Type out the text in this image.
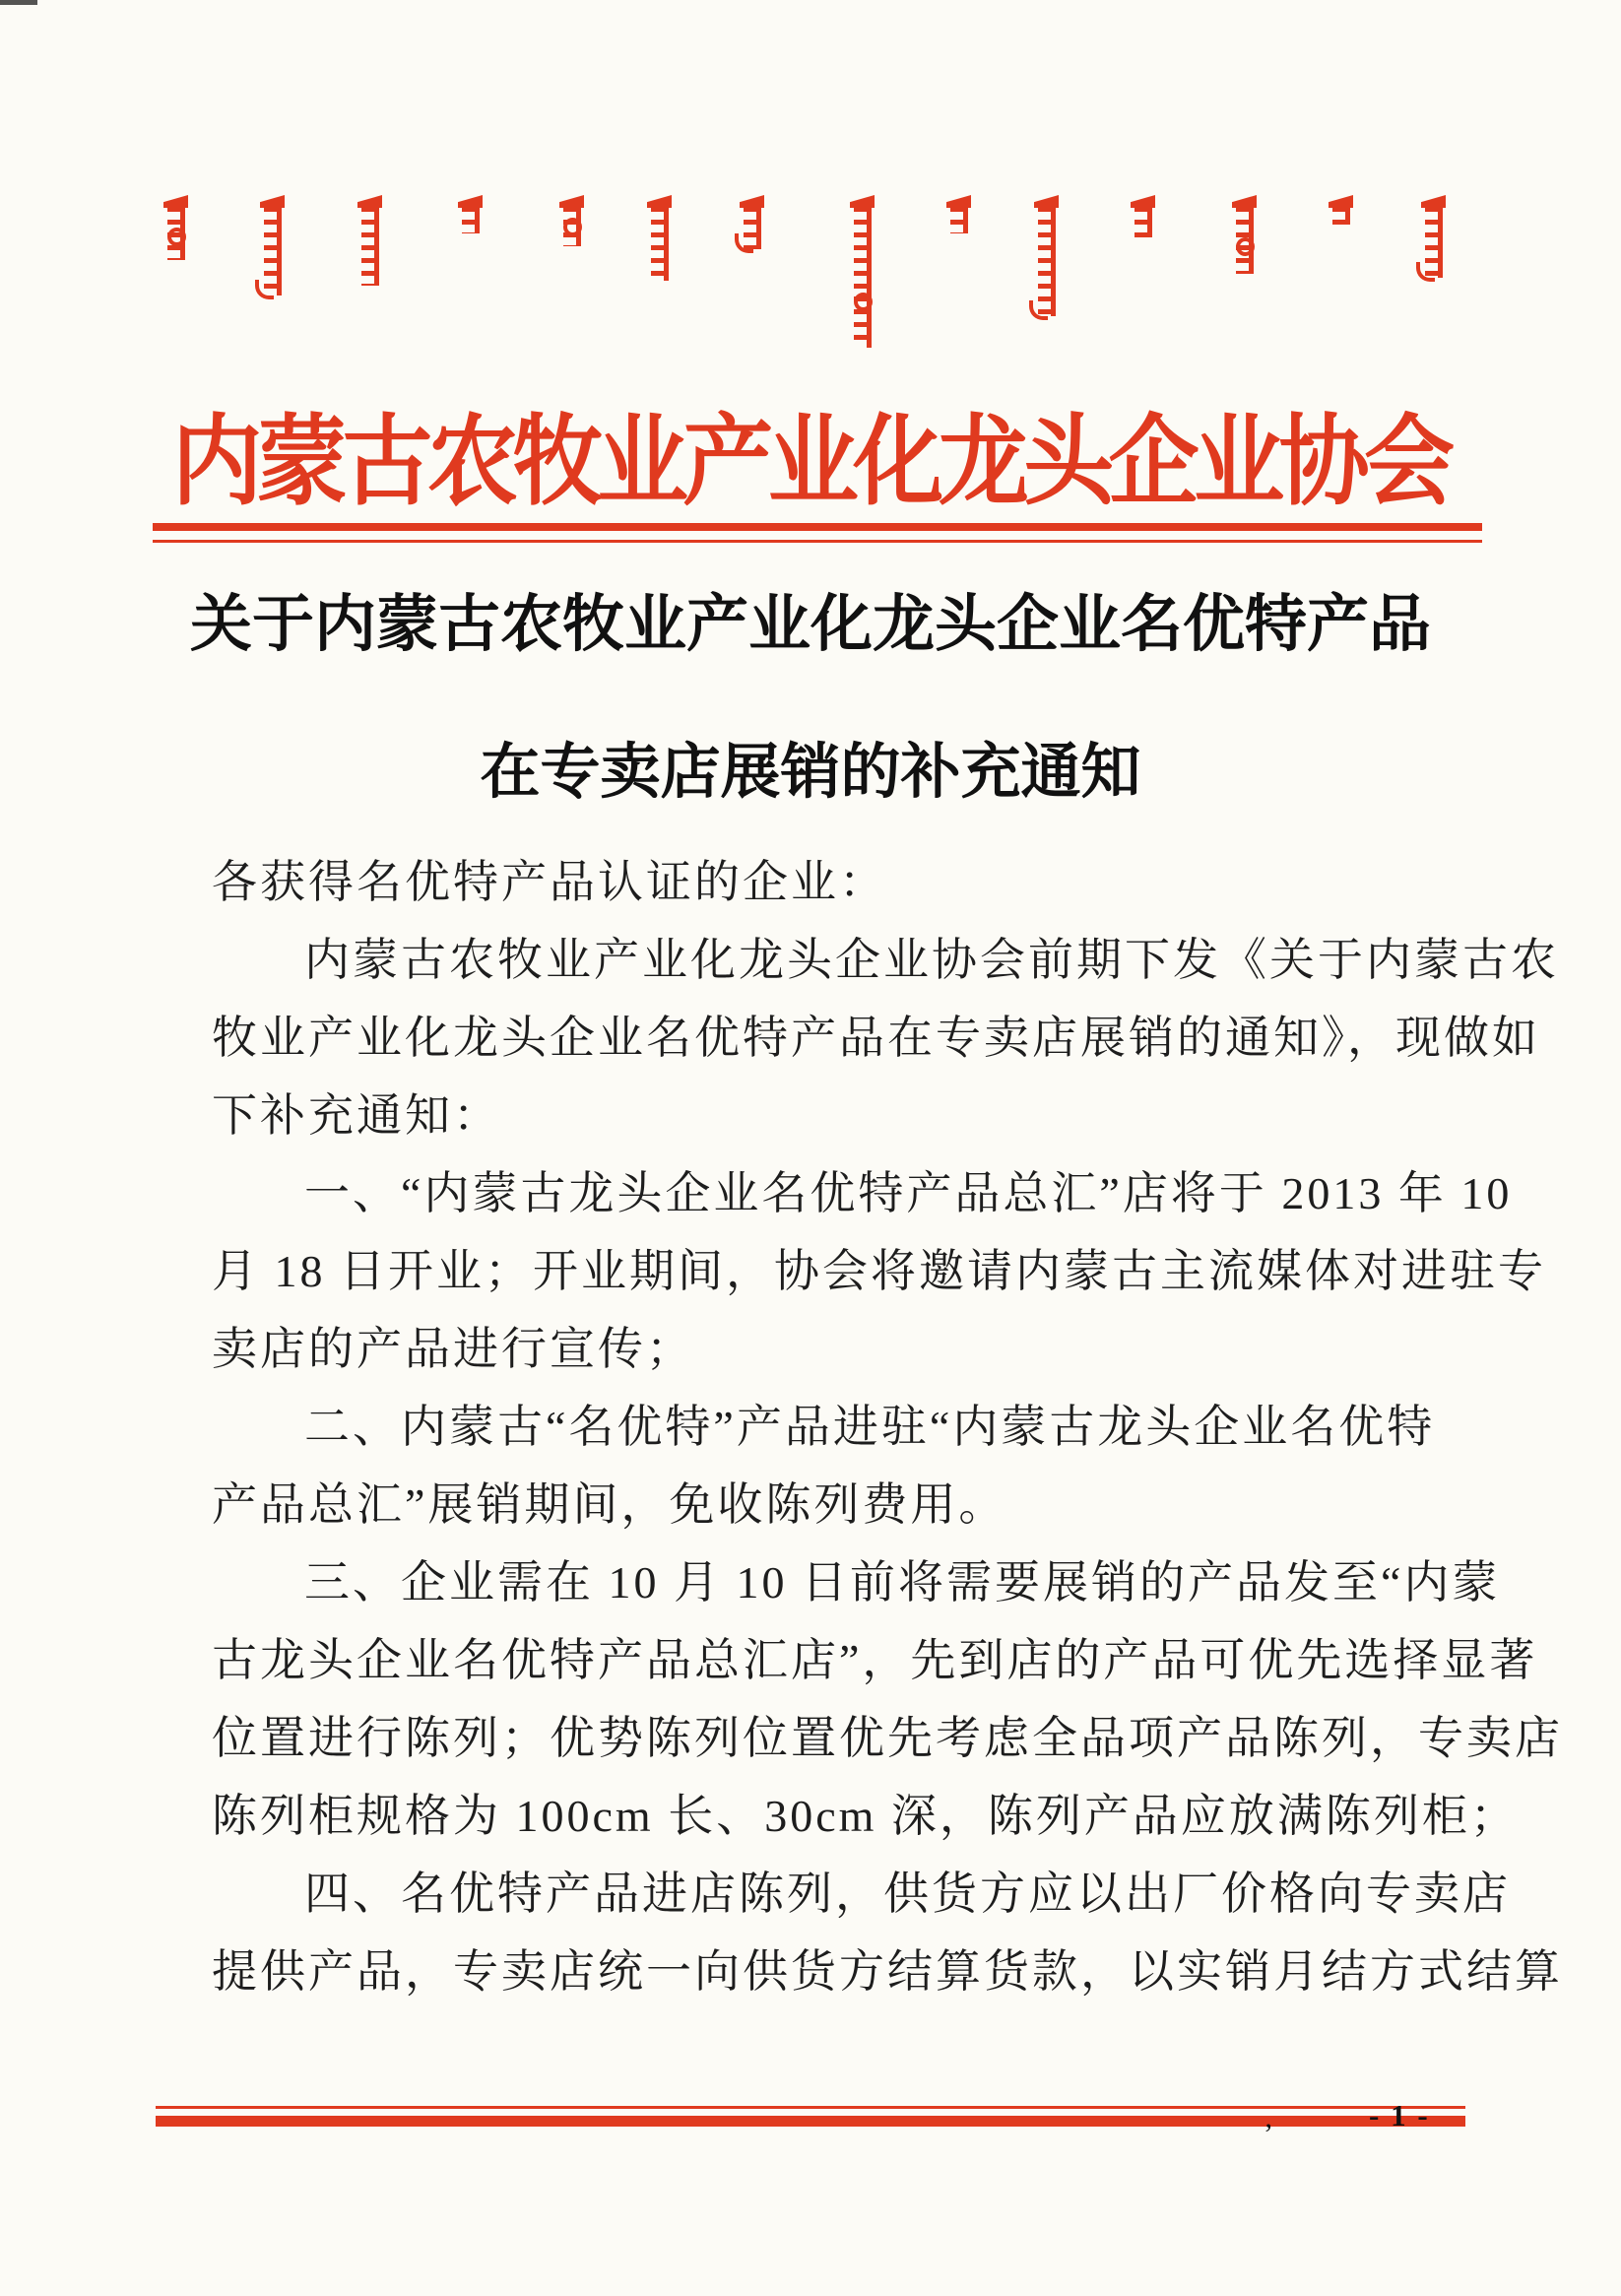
内蒙古农牧业产业化龙头企业协会
关于内蒙古农牧业产业化龙头企业名优特产品
在专卖店展销的补充通知
各获得名优特产品认证的企业：
内蒙古农牧业产业化龙头企业协会前期下发《关于内蒙古农
牧业产业化龙头企业名优特产品在专卖店展销的通知》，现做如
下补充通知：
一、“内蒙古龙头企业名优特产品总汇”店将于 2013 年 10
月 18 日开业；开业期间，协会将邀请内蒙古主流媒体对进驻专
卖店的产品进行宣传；
二、内蒙古“名优特”产品进驻“内蒙古龙头企业名优特
产品总汇”展销期间，免收陈列费用。
三、企业需在 10 月 10 日前将需要展销的产品发至“内蒙
古龙头企业名优特产品总汇店”，先到店的产品可优先选择显著
位置进行陈列；优势陈列位置优先考虑全品项产品陈列，专卖店
陈列柜规格为 100cm 长、30cm 深，陈列产品应放满陈列柜；
四、名优特产品进店陈列，供货方应以出厂价格向专卖店
提供产品，专卖店统一向供货方结算货款，以实销月结方式结算
’
- 1 -
